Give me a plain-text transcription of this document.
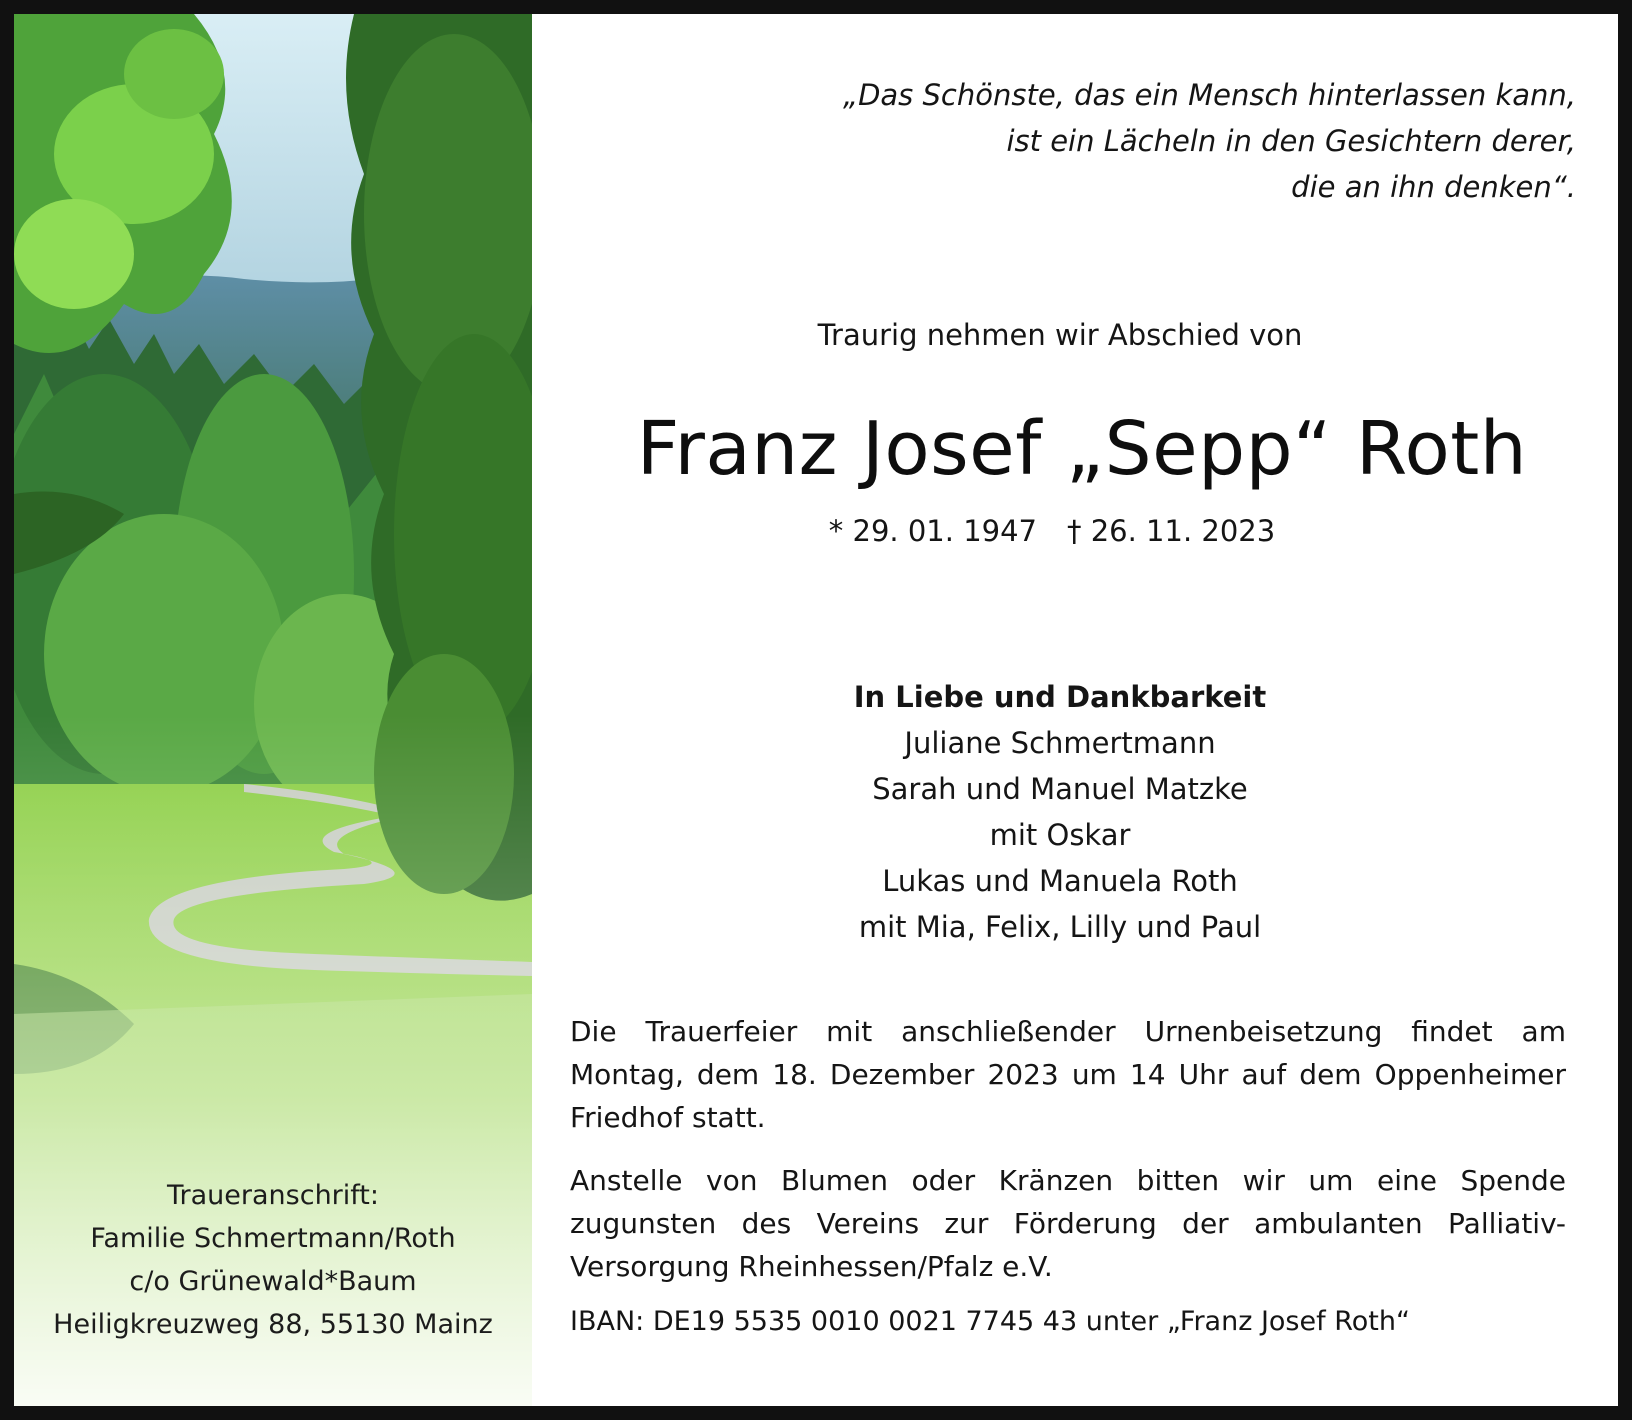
Traueranschrift:
Familie Schmertmann/Roth
c/o Grünewald*Baum
Heiligkreuzweg 88, 55130 Mainz
„Das Schönste, das ein Mensch hinterlassen kann,
ist ein Lächeln in den Gesichtern derer,
die an ihn denken“.
Traurig nehmen wir Abschied von
Franz Josef „Sepp“ Roth
* 29. 01. 1947 † 26. 11. 2023
In Liebe und Dankbarkeit
Juliane Schmertmann
Sarah und Manuel Matzke
mit Oskar
Lukas und Manuela Roth
mit Mia, Felix, Lilly und Paul
Die Trauerfeier mit anschließender Urnenbeisetzung findet am Montag, dem 18. Dezember 2023 um 14 Uhr auf dem Oppenheimer Friedhof statt.
Anstelle von Blumen oder Kränzen bitten wir um eine Spende zugunsten des Vereins zur Förderung der ambulanten Palliativ-Versorgung Rheinhessen/Pfalz e.V.
IBAN: DE19 5535 0010 0021 7745 43 unter „Franz Josef Roth“
